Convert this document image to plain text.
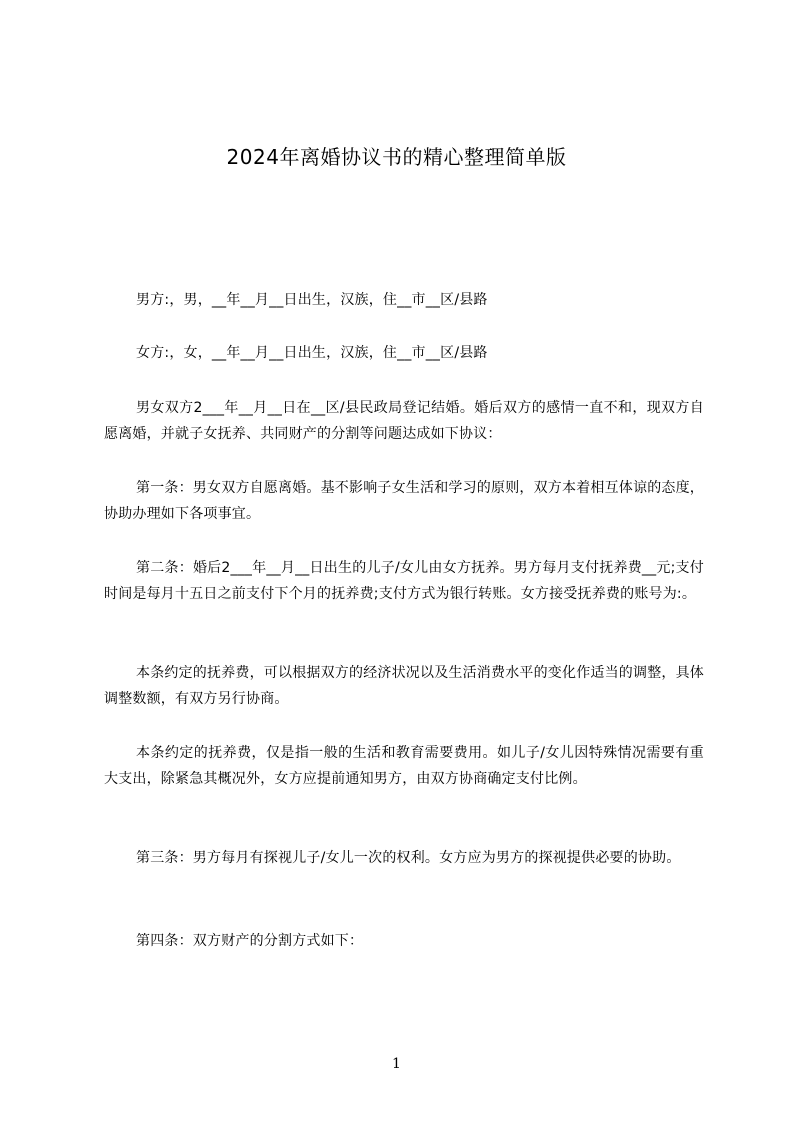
2024年离婚协议书的精心整理简单版
男方:，男，__年__月__日出生，汉族，住__市__区/县路
女方:，女，__年__月__日出生，汉族，住__市__区/县路
男女双方2___年__月__日在__区/县民政局登记结婚。婚后双方的感情一直不和，现双方自愿离婚，并就子女抚养、共同财产的分割等问题达成如下协议：
第一条：男女双方自愿离婚。基不影响子女生活和学习的原则，双方本着相互体谅的态度，协助办理如下各项事宜。
第二条：婚后2___年__月__日出生的儿子/女儿由女方抚养。男方每月支付抚养费__元;支付时间是每月十五日之前支付下个月的抚养费;支付方式为银行转账。女方接受抚养费的账号为:。
本条约定的抚养费，可以根据双方的经济状况以及生活消费水平的变化作适当的调整，具体调整数额，有双方另行协商。
本条约定的抚养费，仅是指一般的生活和教育需要费用。如儿子/女儿因特殊情况需要有重大支出，除紧急其概况外，女方应提前通知男方，由双方协商确定支付比例。
第三条：男方每月有探视儿子/女儿一次的权利。女方应为男方的探视提供必要的协助。
第四条：双方财产的分割方式如下：
1
